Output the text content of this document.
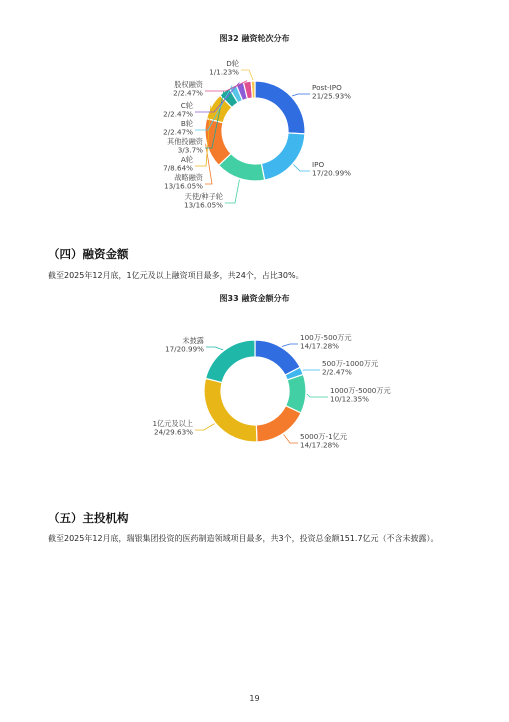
图32 融资轮次分布
Post-IPO
21/25.93%
IPO
17/20.99%
天使/种子轮
13/16.05%
战略融资
13/16.05%
A轮
7/8.64%
其他投融资
3/3.7%
B轮
2/2.47%
C轮
2/2.47%
股权融资
2/2.47%
D轮
1/1.23%
（四）融资金额
截至2025年12月底，1亿元及以上融资项目最多，共24个，占比30%。
图33 融资金额分布
100万-500万元
14/17.28%
500万-1000万元
2/2.47%
1000万-5000万元
10/12.35%
5000万-1亿元
14/17.28%
1亿元及以上
24/29.63%
未披露
17/20.99%
（五）主投机构
截至2025年12月底，瑞银集团投资的医药制造领域项目最多，共3个，投资总金额151.7亿元（不含未披露）。
19
